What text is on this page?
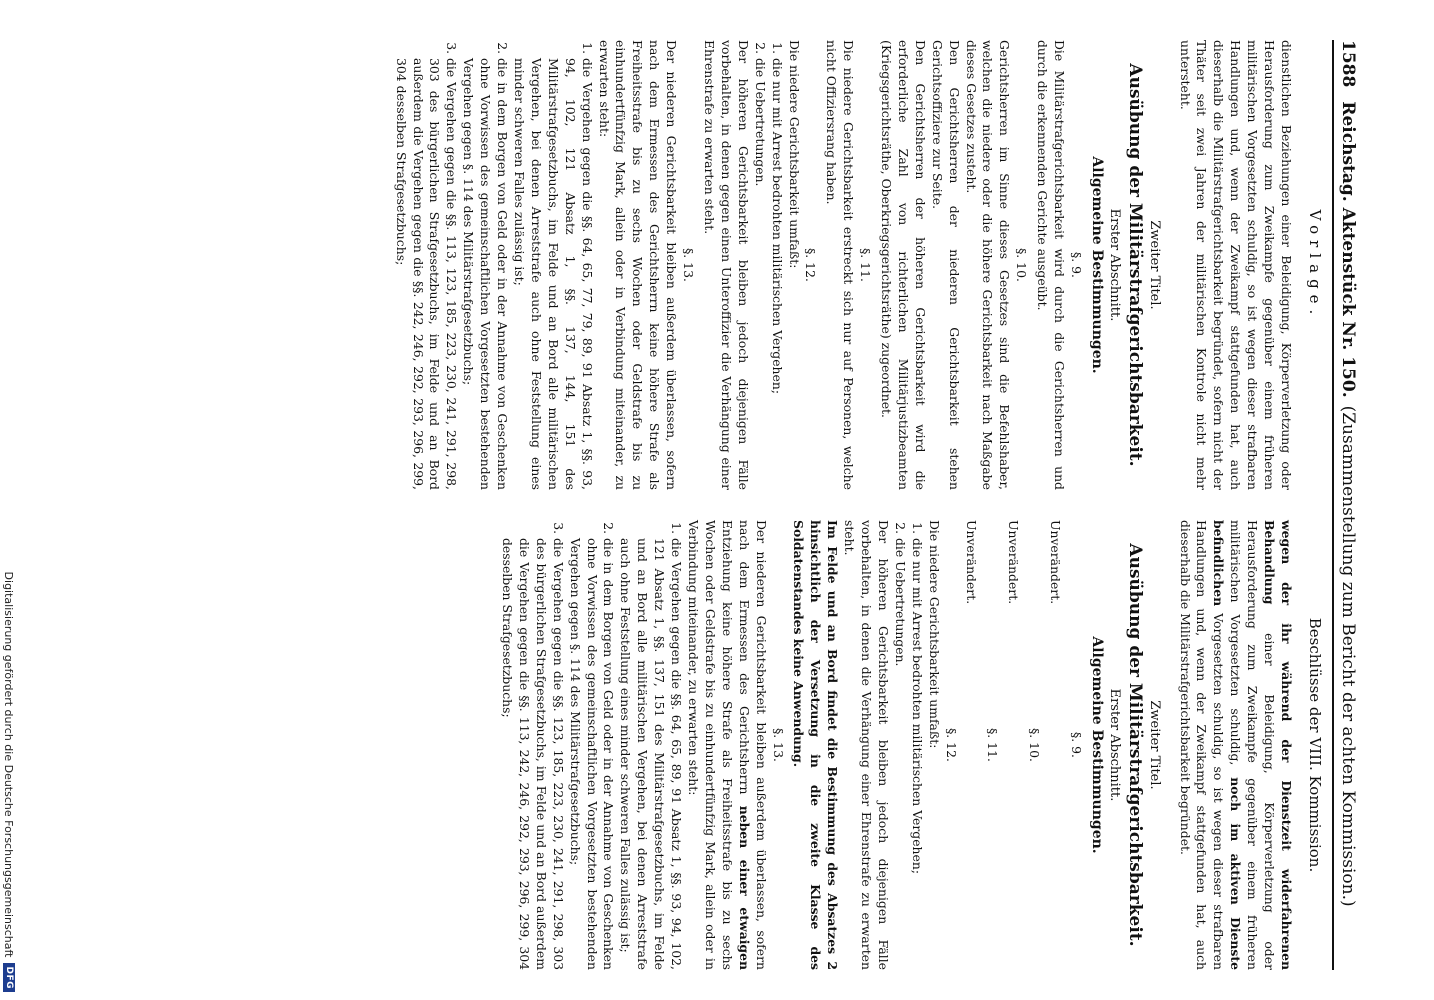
1588
Reichstag. Aktenstück Nr. 150.
(Zusammenstellung zum Bericht der achten Kommission.)
Vorlage.
Beschlüsse der VIII. Kommission.

dienstlichen Beziehungen einer Beleidigung, Körperverletzung oder Herausforderung zum Zweikampfe gegenüber einem früheren militärischen Vorgesetzten schuldig, so ist wegen dieser strafbaren Handlungen und, wenn der Zweikampf stattgefunden hat, auch dieserhalb die Militärstrafgerichtsbarkeit begründet, sofern nicht der Thäter seit zwei Jahren der militärischen Kontrole nicht mehr untersteht.

Zweiter Titel.
Ausübung der Militärstrafgerichtsbarkeit.
Erster Abschnitt.
Allgemeine Bestimmungen.
§. 9.

Die Militärstrafgerichtsbarkeit wird durch die Gerichtsherren und durch die erkennenden Gerichte ausgeübt.

§. 10.

Gerichtsherren im Sinne dieses Gesetzes sind die Befehlshaber, welchen die niedere oder die höhere Gerichtsbarkeit nach Maßgabe dieses Gesetzes zusteht.

Den Gerichtsherren der niederen Gerichtsbarkeit stehen Gerichtsoffiziere zur Seite.

Den Gerichtsherren der höheren Gerichtsbarkeit wird die erforderliche Zahl von richterlichen Militärjustizbeamten (Kriegsgerichtsräthe, Oberkriegsgerichtsräthe) zugeordnet.

§. 11.

Die niedere Gerichtsbarkeit erstreckt sich nur auf Personen, welche nicht Offiziersrang haben.

§. 12.

Die niedere Gerichtsbarkeit umfaßt:

1. die nur mit Arrest bedrohten militärischen Vergehen;
2. die Uebertretungen.

Der höheren Gerichtsbarkeit bleiben jedoch diejenigen Fälle vorbehalten, in denen gegen einen Unteroffizier die Verhängung einer Ehrenstrafe zu erwarten steht.

§. 13.

Der niederen Gerichtsbarkeit bleiben außerdem überlassen, sofern nach dem Ermessen des Gerichtsherrn keine höhere Strafe als Freiheitsstrafe bis zu sechs Wochen oder Geldstrafe bis zu einhundertfünfzig Mark, allein oder in Verbindung miteinander, zu erwarten steht:

1. die Vergehen gegen die §§. 64, 65, 77, 79, 89, 91 Absatz 1, §§. 93, 94, 102, 121 Absatz 1, §§. 137, 144, 151 des Militärstrafgesetzbuchs, im Felde und an Bord alle militärischen Vergehen, bei denen Arreststrafe auch ohne Feststellung eines minder schweren Falles zulässig ist;
2. die in dem Borgen von Geld oder in der Annahme von Geschenken ohne Vorwissen des gemeinschaftlichen Vorgesetzten bestehenden Vergehen gegen §. 114 des Militärstrafgesetzbuchs;
3. die Vergehen gegen die §§. 113, 123, 185, 223, 230, 241, 291, 298, 303 des bürgerlichen Strafgesetzbuchs, im Felde und an Bord außerdem die Vergehen gegen die §§. 242, 246, 292, 293, 296, 299, 304 desselben Strafgesetzbuchs;

wegen der ihr während der Dienstzeit widerfahrenen Behandlung einer Beleidigung, Körperverletzung oder Herausforderung zum Zweikampfe gegenüber einem früheren militärischen Vorgesetzten schuldig, noch im aktiven Dienste befindlichen Vorgesetzten schuldig, so ist wegen dieser strafbaren Handlungen und, wenn der Zweikampf stattgefunden hat, auch dieserhalb die Militärstrafgerichtsbarkeit begründet.

Zweiter Titel.
Ausübung der Militärstrafgerichtsbarkeit.
Erster Abschnitt.
Allgemeine Bestimmungen.
§. 9.

Unverändert.

§. 10.

Unverändert.

§. 11.

Unverändert.

§. 12.

Die niedere Gerichtsbarkeit umfaßt:

1. die nur mit Arrest bedrohten militärischen Vergehen;
2. die Uebertretungen.

Der höheren Gerichtsbarkeit bleiben jedoch diejenigen Fälle vorbehalten, in denen die Verhängung einer Ehrenstrafe zu erwarten steht.

Im Felde und an Bord findet die Bestimmung des Absatzes 2 hinsichtlich der Versetzung in die zweite Klasse des Soldatenstandes keine Anwendung.

§. 13.

Der niederen Gerichtsbarkeit bleiben außerdem überlassen, sofern nach dem Ermessen des Gerichtsherrn neben einer etwaigen Entziehung keine höhere Strafe als Freiheitsstrafe bis zu sechs Wochen oder Geldstrafe bis zu einhundertfünfzig Mark, allein oder in Verbindung miteinander, zu erwarten steht:

1. die Vergehen gegen die §§. 64, 65, 89, 91 Absatz 1, §§. 93, 94, 102, 121 Absatz 1, §§. 137, 151 des Militärstrafgesetzbuchs, im Felde und an Bord alle militärischen Vergehen, bei denen Arreststrafe auch ohne Feststellung eines minder schweren Falles zulässig ist;
2. die in dem Borgen von Geld oder in der Annahme von Geschenken ohne Vorwissen des gemeinschaftlichen Vorgesetzten bestehenden Vergehen gegen §. 114 des Militärstrafgesetzbuchs;
3. die Vergehen gegen die §§. 123, 185, 223, 230, 241, 291, 298, 303 des bürgerlichen Strafgesetzbuchs, im Felde und an Bord außerdem die Vergehen gegen die §§. 113, 242, 246, 292, 293, 296, 299, 304 desselben Strafgesetzbuchs;
Digitalisierung gefördert durch die Deutsche Forschungsgemeinschaft
DFG
